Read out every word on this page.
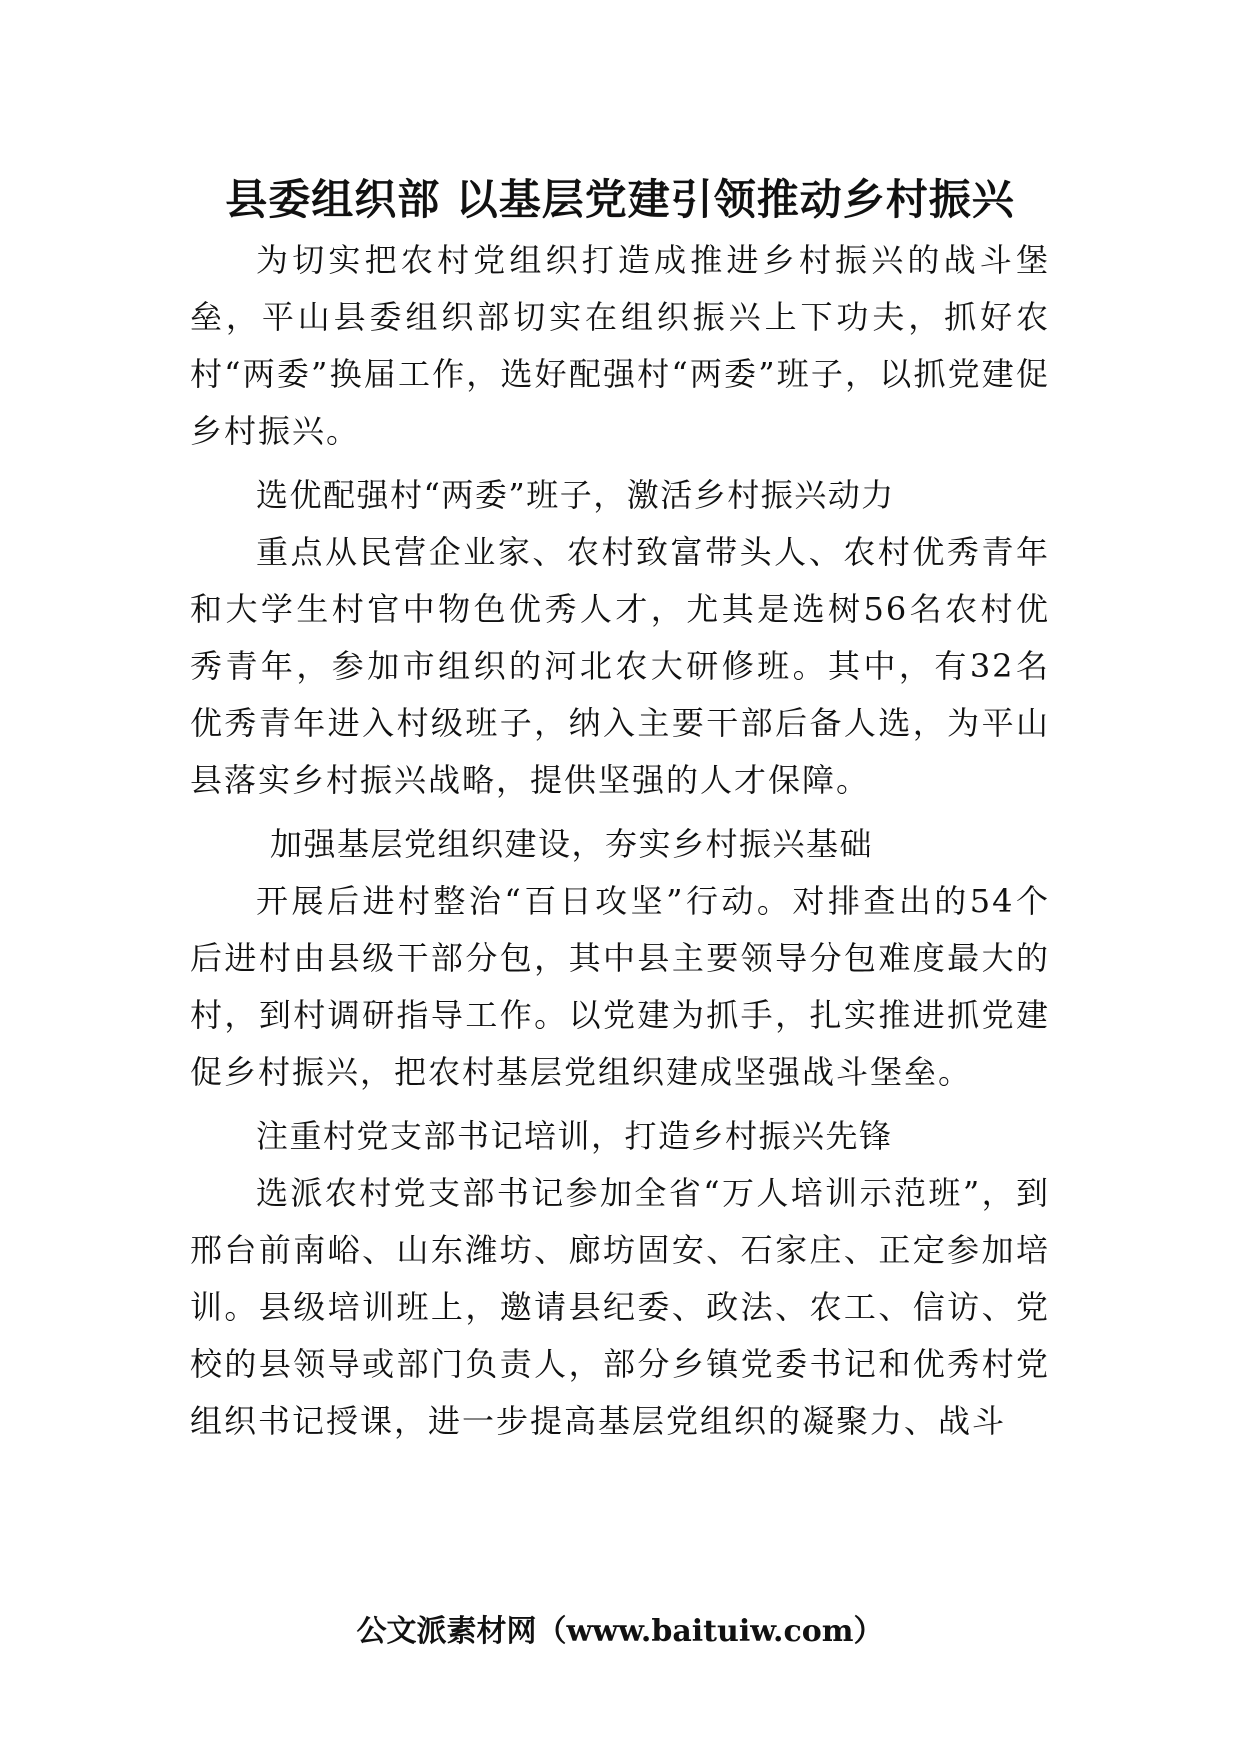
县委组织部 以基层党建引领推动乡村振兴

为切实把农村党组织打造成推进乡村振兴的战斗堡垒，平山县委组织部切实在组织振兴上下功夫，抓好农村“两委”换届工作，选好配强村“两委”班子，以抓党建促乡村振兴。

选优配强村“两委”班子，激活乡村振兴动力

重点从民营企业家、农村致富带头人、农村优秀青年和大学生村官中物色优秀人才，尤其是选树56名农村优秀青年，参加市组织的河北农大研修班。其中，有32名优秀青年进入村级班子，纳入主要干部后备人选，为平山县落实乡村振兴战略，提供坚强的人才保障。

加强基层党组织建设，夯实乡村振兴基础

开展后进村整治“百日攻坚”行动。对排查出的54个后进村由县级干部分包，其中县主要领导分包难度最大的村，到村调研指导工作。以党建为抓手，扎实推进抓党建促乡村振兴，把农村基层党组织建成坚强战斗堡垒。

注重村党支部书记培训，打造乡村振兴先锋

选派农村党支部书记参加全省“万人培训示范班”，到邢台前南峪、山东潍坊、廊坊固安、石家庄、正定参加培训。县级培训班上，邀请县纪委、政法、农工、信访、党校的县领导或部门负责人，部分乡镇党委书记和优秀村党组织书记授课，进一步提高基层党组织的凝聚力、战斗

公文派素材网（www.baituiw.com）
